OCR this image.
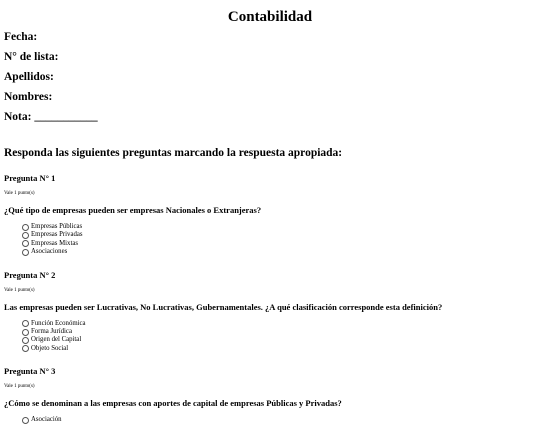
Contabilidad
Fecha:
N° de lista:
Apellidos:
Nombres:
Nota: ___________
Responda las siguientes preguntas marcando la respuesta apropiada:
Pregunta N° 1
Vale 1 punto(s)
¿Qué tipo de empresas pueden ser empresas Nacionales o Extranjeras?
Empresas Públicas
Empresas Privadas
Empresas Mixtas
Asociaciones
Pregunta N° 2
Vale 1 punto(s)
Las empresas pueden ser Lucrativas, No Lucrativas, Gubernamentales. ¿A qué clasificación corresponde esta definición?
Función Económica
Forma Jurídica
Origen del Capital
Objeto Social
Pregunta N° 3
Vale 1 punto(s)
¿Cómo se denominan a las empresas con aportes de capital de empresas Públicas y Privadas?
Asociación
